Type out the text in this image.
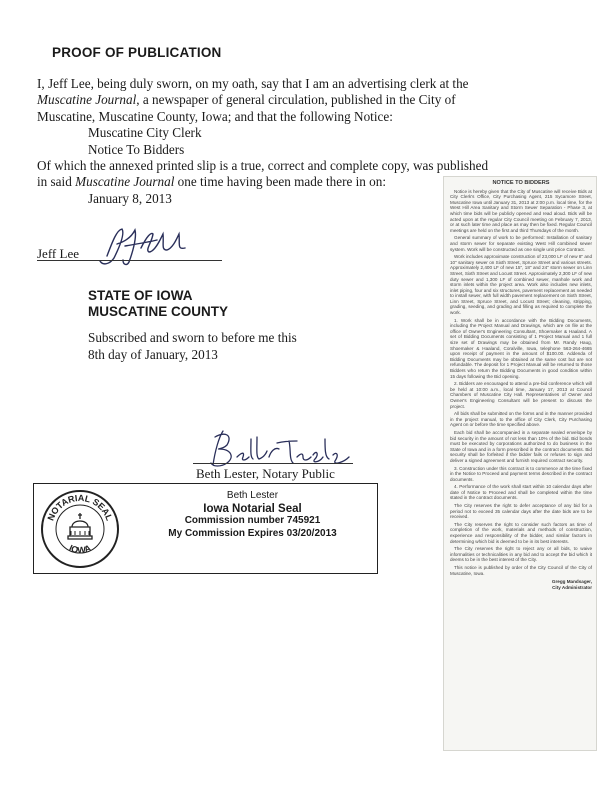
PROOF OF PUBLICATION
I, Jeff Lee, being duly sworn, on my oath, say that I am an advertising clerk at the
Muscatine Journal, a newspaper of general circulation, published in the City of
Muscatine, Muscatine County, Iowa; and that the following Notice:
Muscatine City Clerk
Notice To Bidders
Of which the annexed printed slip is a true, correct and complete copy, was published
in said Muscatine Journal one time having been made there in on:
January 8, 2013
Jeff Lee
STATE OF IOWA
MUSCATINE COUNTY
Subscribed and sworn to before me this
8th day of January, 2013
Beth Lester, Notary Public
NOTARIAL SEAL
IOWA
Beth Lester
Iowa Notarial Seal
Commission number 745921
My Commission Expires 03/20/2013
NOTICE TO BIDDERS

Notice is hereby given that the City of Muscatine will receive Bids at City Clerk's Office, City Purchasing Agent, 215 Sycamore Street, Muscatine Iowa until January 31, 2013 at 2:00 p.m. local time, for the West Hill Area Sanitary and Storm Sewer Separation - Phase 3, at which time bids will be publicly opened and read aloud. Bids will be acted upon at the regular City Council meeting on February 7, 2013, or at such later time and place as may then be fixed. Regular Council meetings are held on the first and third Thursdays of the month.

General summary of work to be performed: Installation of sanitary and storm sewer for separate existing West Hill combined sewer system. Work will be constructed as one single unit price Contract.

Work includes approximate construction of 23,000 LF of new 8" and 10" sanitary sewer on Sixth Street, Spruce Street and various streets. Approximately 2,400 LF of new 15", 18" and 24" storm sewer on Linn Street, Sixth Street and Locust Street. Approximately 2,300 LF of new duty sewer and 1,300 LF of combined sewer, manhole work and storm inlets within the project area. Work also includes new inlets, inlet piping, four and six structures, pavement replacement as needed to install sewer, with full width pavement replacement on Sixth Street, Linn Street, Spruce Street, and Locust Street; cleaning, stripping, grading, seeding, and grading and filling as required to complete the work.

1. Work shall be in accordance with the Bidding Documents, including the Project Manual and Drawings, which are on file at the office of Owner's Engineering Consultant, Shoemaker & Haaland. A set of Bidding Documents consisting of 1 Project Manual and 1 full size set of Drawings may be obtained from Mr. Randy Haug, Shoemaker & Haaland, Coralville, Iowa, telephone 563-264-4665 upon receipt of payment in the amount of $100.00. Addenda of Bidding Documents may be obtained at the same cost but are not refundable. The deposit for 1 Project Manual will be returned to those Bidders who return the Bidding Documents in good condition within 15 days following the Bid opening.

2. Bidders are encouraged to attend a pre-bid conference which will be held at 10:00 a.m., local time, January 17, 2013 at Council Chambers of Muscatine City Hall. Representatives of Owner and Owner's Engineering Consultant will be present to discuss the project.

All bids shall be submitted on the forms and in the manner provided in the project manual, to the office of City Clerk, City Purchasing Agent on or before the time specified above.

Each bid shall be accompanied in a separate sealed envelope by bid security in the amount of not less than 10% of the bid. Bid bonds must be executed by corporations authorized to do business in the State of Iowa and in a form prescribed in the contract documents. Bid security shall be forfeited if the bidder fails or refuses to sign and deliver a signed agreement and furnish required contract security.

3. Construction under this contract is to commence at the time fixed in the Notice to Proceed and payment terms described in the contract documents.

4. Performance of the work shall start within 10 calendar days after date of Notice to Proceed and shall be completed within the time stated in the contract documents.

The City reserves the right to defer acceptance of any bid for a period not to exceed 35 calendar days after the date bids are to be received.

The City reserves the right to consider such factors as time of completion of the work, materials and methods of construction, experience and responsibility of the bidder, and similar factors in determining which bid is deemed to be in its best interests.

The City reserves the right to reject any or all bids, to waive informalities or technicalities in any bid and to accept the bid which it deems to be in the best interest of the City.

This notice is published by order of the City Council of the City of Muscatine, Iowa.

Gregg Mandsager,
City Administrator
